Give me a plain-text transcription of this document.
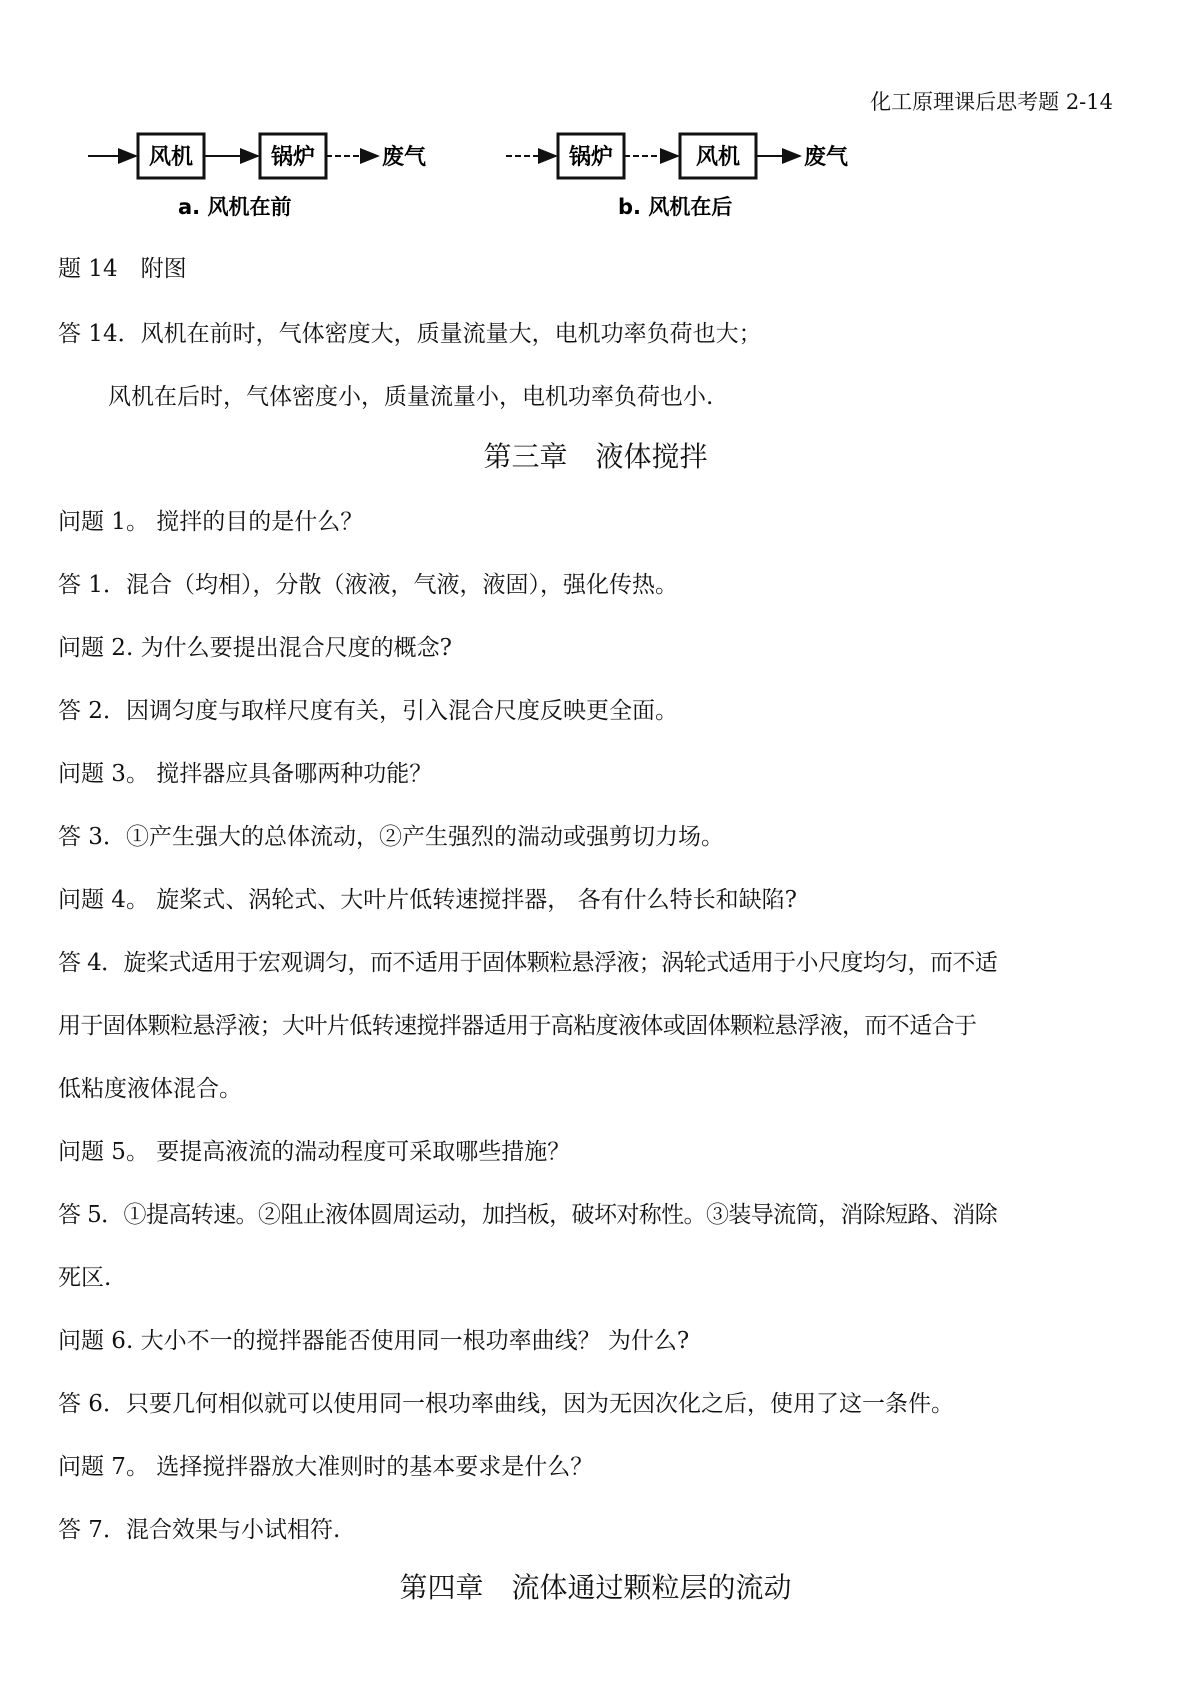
化工原理课后思考题 2-14
风机	锅炉	废气
a. 风机在前
锅炉	风机	废气
b. 风机在后
题 14　附图
答 14．风机在前时，气体密度大，质量流量大，电机功率负荷也大；
风机在后时，气体密度小，质量流量小，电机功率负荷也小.
第三章　液体搅拌
问题 1。 搅拌的目的是什么？
答 1．混合（均相），分散（液液，气液，液固），强化传热。
问题 2. 为什么要提出混合尺度的概念?
答 2．因调匀度与取样尺度有关，引入混合尺度反映更全面。
问题 3。 搅拌器应具备哪两种功能？
答 3．①产生强大的总体流动，②产生强烈的湍动或强剪切力场。
问题 4。 旋桨式、涡轮式、大叶片低转速搅拌器， 各有什么特长和缺陷?
答 4．旋桨式适用于宏观调匀，而不适用于固体颗粒悬浮液；涡轮式适用于小尺度均匀，而不适
用于固体颗粒悬浮液；大叶片低转速搅拌器适用于高粘度液体或固体颗粒悬浮液，而不适合于
低粘度液体混合。
问题 5。 要提高液流的湍动程度可采取哪些措施？
答 5．①提高转速。②阻止液体圆周运动，加挡板，破坏对称性。③装导流筒，消除短路、消除
死区.
问题 6. 大小不一的搅拌器能否使用同一根功率曲线？ 为什么?
答 6．只要几何相似就可以使用同一根功率曲线，因为无因次化之后，使用了这一条件。
问题 7。 选择搅拌器放大准则时的基本要求是什么？
答 7．混合效果与小试相符.
第四章　流体通过颗粒层的流动
